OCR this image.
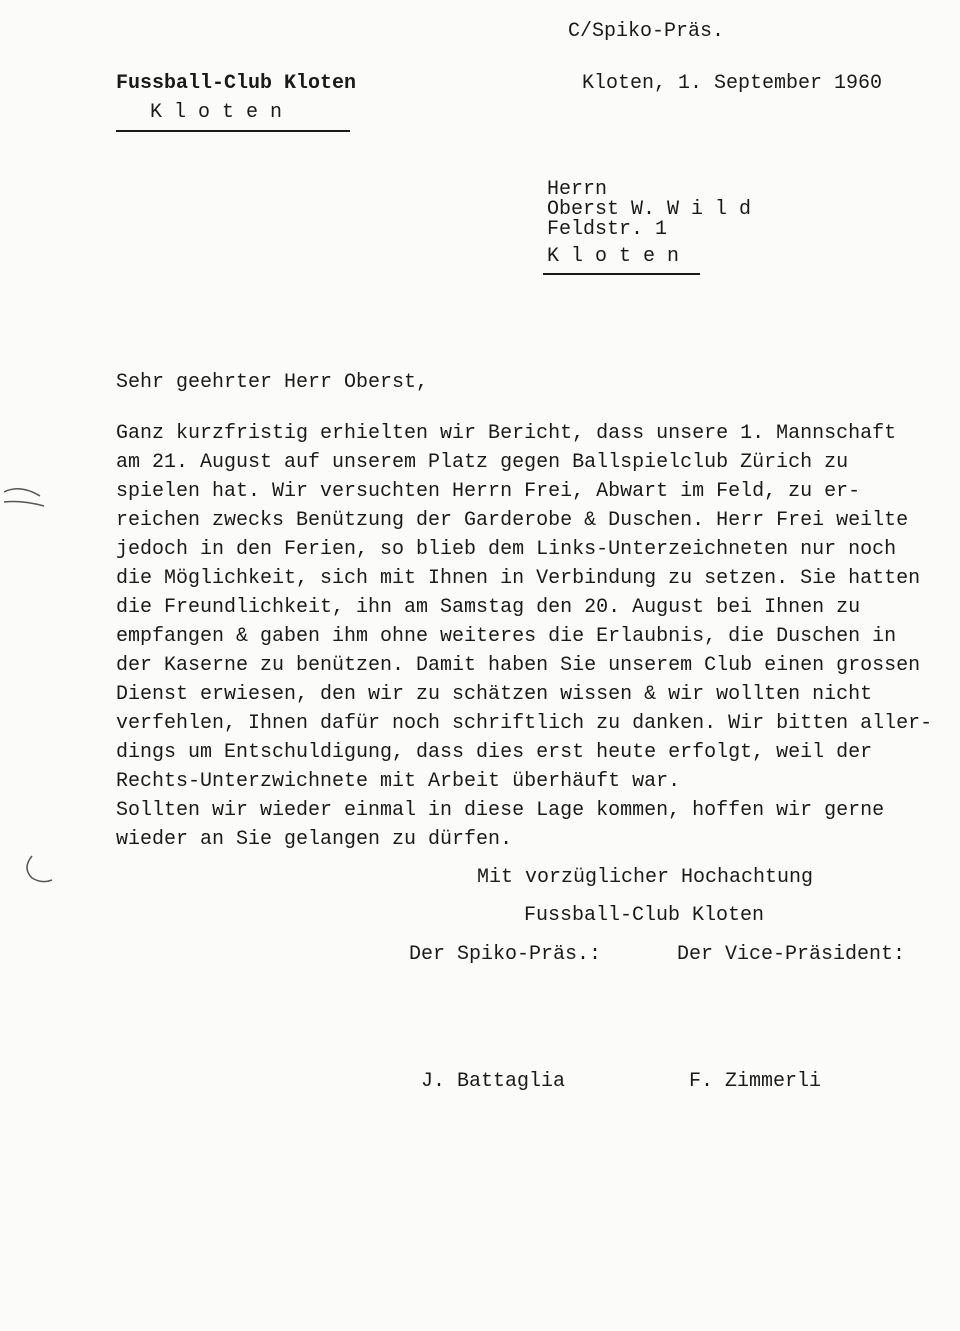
C/Spiko-Präs.
Fussball-Club Kloten
K l o t e n
Kloten, 1. September 1960
Herrn
Oberst W. W i l d
Feldstr. 1
K l o t e n
Sehr geehrter Herr Oberst,
Ganz kurzfristig erhielten wir Bericht, dass unsere 1. Mannschaft
am 21. August auf unserem Platz gegen Ballspielclub Zürich zu
spielen hat. Wir versuchten Herrn Frei, Abwart im Feld, zu er-
reichen zwecks Benützung der Garderobe & Duschen. Herr Frei weilte
jedoch in den Ferien, so blieb dem Links-Unterzeichneten nur noch
die Möglichkeit, sich mit Ihnen in Verbindung zu setzen. Sie hatten
die Freundlichkeit, ihn am Samstag den 20. August bei Ihnen zu
empfangen & gaben ihm ohne weiteres die Erlaubnis, die Duschen in
der Kaserne zu benützen. Damit haben Sie unserem Club einen grossen
Dienst erwiesen, den wir zu schätzen wissen & wir wollten nicht
verfehlen, Ihnen dafür noch schriftlich zu danken. Wir bitten aller-
dings um Entschuldigung, dass dies erst heute erfolgt, weil der
Rechts-Unterzwichnete mit Arbeit überhäuft war.
Sollten wir wieder einmal in diese Lage kommen, hoffen wir gerne
wieder an Sie gelangen zu dürfen.
Mit vorzüglicher Hochachtung
Fussball-Club Kloten
Der Spiko-Präs.:	Der Vice-Präsident:
J. Battaglia	F. Zimmerli
